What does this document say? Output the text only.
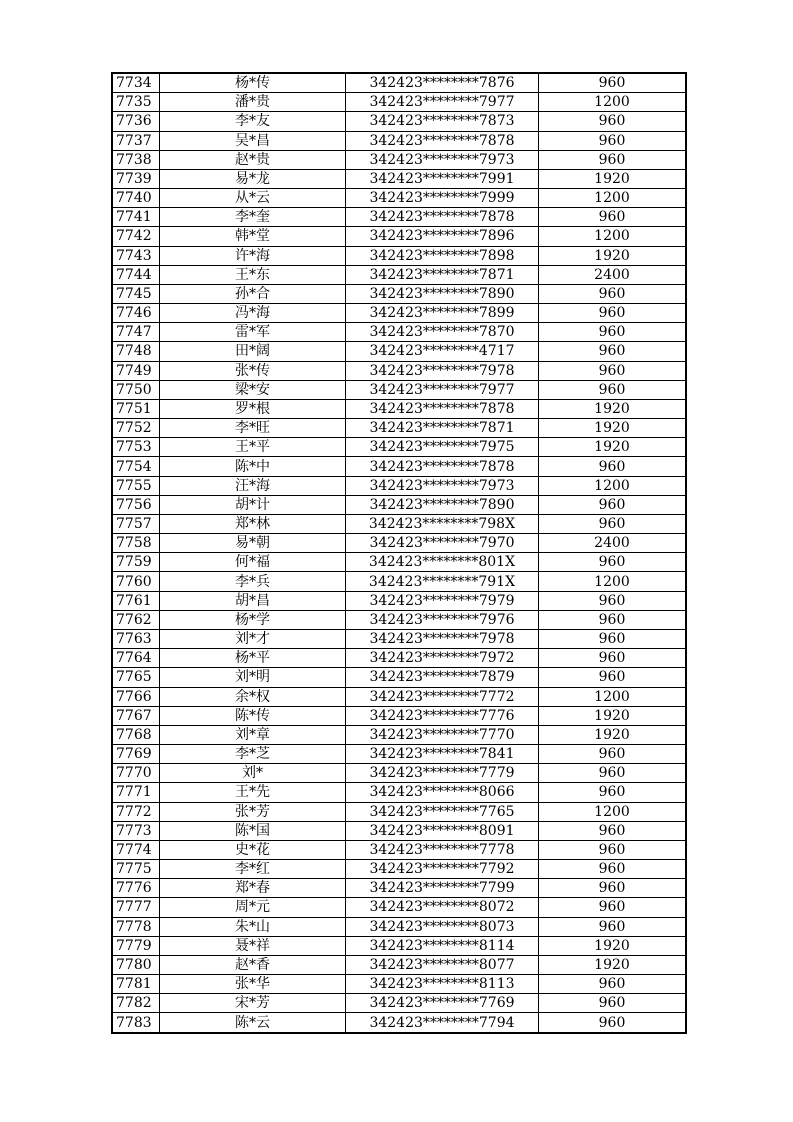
7734	杨*传	342423********7876	960
7735	潘*贵	342423********7977	1200
7736	李*友	342423********7873	960
7737	吴*昌	342423********7878	960
7738	赵*贵	342423********7973	960
7739	易*龙	342423********7991	1920
7740	从*云	342423********7999	1200
7741	李*奎	342423********7878	960
7742	韩*堂	342423********7896	1200
7743	许*海	342423********7898	1920
7744	王*东	342423********7871	2400
7745	孙*合	342423********7890	960
7746	冯*海	342423********7899	960
7747	雷*军	342423********7870	960
7748	田*阔	342423********4717	960
7749	张*传	342423********7978	960
7750	梁*安	342423********7977	960
7751	罗*根	342423********7878	1920
7752	李*旺	342423********7871	1920
7753	王*平	342423********7975	1920
7754	陈*中	342423********7878	960
7755	汪*海	342423********7973	1200
7756	胡*计	342423********7890	960
7757	郑*林	342423********798X	960
7758	易*朝	342423********7970	2400
7759	何*福	342423********801X	960
7760	李*兵	342423********791X	1200
7761	胡*昌	342423********7979	960
7762	杨*学	342423********7976	960
7763	刘*才	342423********7978	960
7764	杨*平	342423********7972	960
7765	刘*明	342423********7879	960
7766	余*权	342423********7772	1200
7767	陈*传	342423********7776	1920
7768	刘*章	342423********7770	1920
7769	李*芝	342423********7841	960
7770	刘*	342423********7779	960
7771	王*先	342423********8066	960
7772	张*芳	342423********7765	1200
7773	陈*国	342423********8091	960
7774	史*花	342423********7778	960
7775	李*红	342423********7792	960
7776	郑*春	342423********7799	960
7777	周*元	342423********8072	960
7778	朱*山	342423********8073	960
7779	聂*祥	342423********8114	1920
7780	赵*香	342423********8077	1920
7781	张*华	342423********8113	960
7782	宋*芳	342423********7769	960
7783	陈*云	342423********7794	960
